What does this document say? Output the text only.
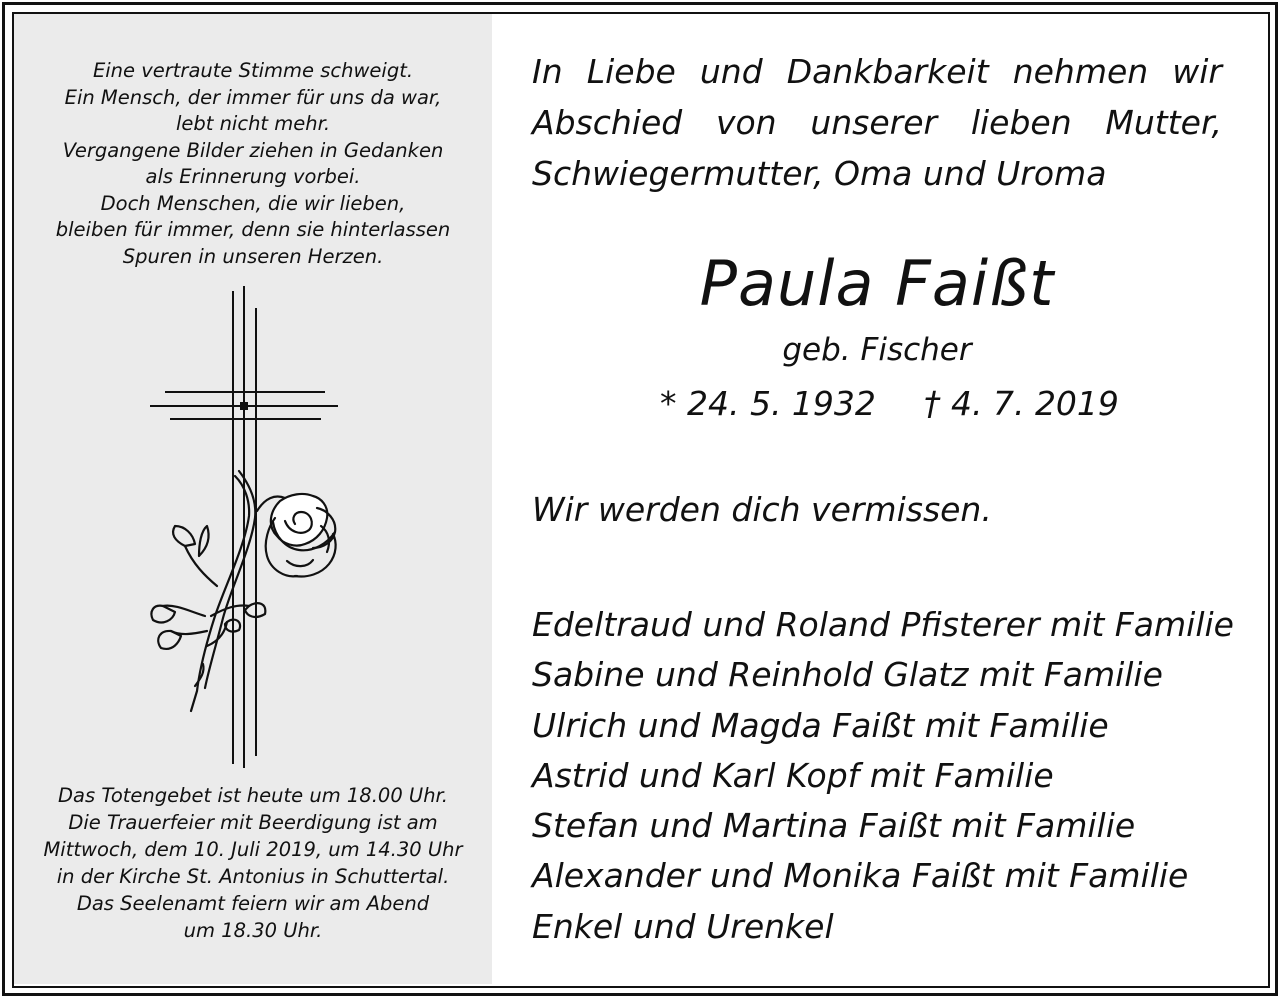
Eine vertraute Stimme schweigt.
Ein Mensch, der immer für uns da war,
lebt nicht mehr.
Vergangene Bilder ziehen in Gedanken
als Erinnerung vorbei.
Doch Menschen, die wir lieben,
bleiben für immer, denn sie hinterlassen
Spuren in unseren Herzen.
Das Totengebet ist heute um 18.00 Uhr.
Die Trauerfeier mit Beerdigung ist am
Mittwoch, dem 10. Juli 2019, um 14.30 Uhr
in der Kirche St. Antonius in Schuttertal.
Das Seelenamt feiern wir am Abend
um 18.30 Uhr.
In Liebe und Dankbarkeit nehmen wir
Abschied von unserer lieben Mutter,
Schwiegermutter, Oma und Uroma
Paula Faißt
geb. Fischer
* 24. 5. 1932 † 4. 7. 2019
Wir werden dich vermissen.
Edeltraud und Roland Pfisterer mit Familie
Sabine und Reinhold Glatz mit Familie
Ulrich und Magda Faißt mit Familie
Astrid und Karl Kopf mit Familie
Stefan und Martina Faißt mit Familie
Alexander und Monika Faißt mit Familie
Enkel und Urenkel
